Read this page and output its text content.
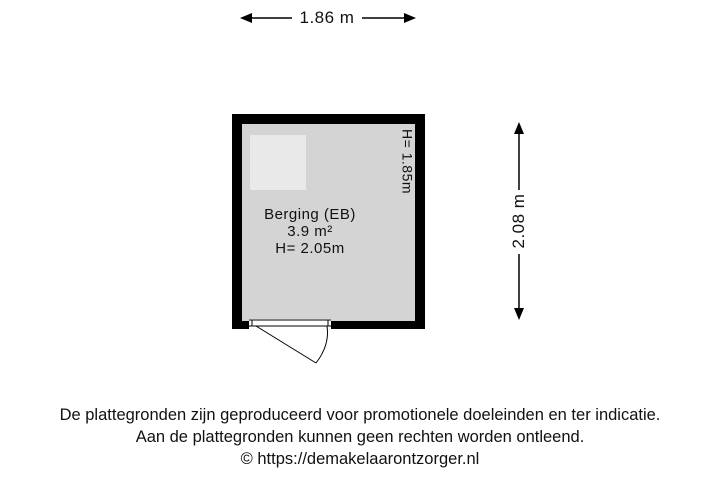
1.86 m
2.08 m
H= 1.85m
Berging (EB)
3.9 m²
H= 2.05m
De plattegronden zijn geproduceerd voor promotionele doeleinden en ter indicatie.
Aan de plattegronden kunnen geen rechten worden ontleend.
© https://demakelaarontzorger.nl
